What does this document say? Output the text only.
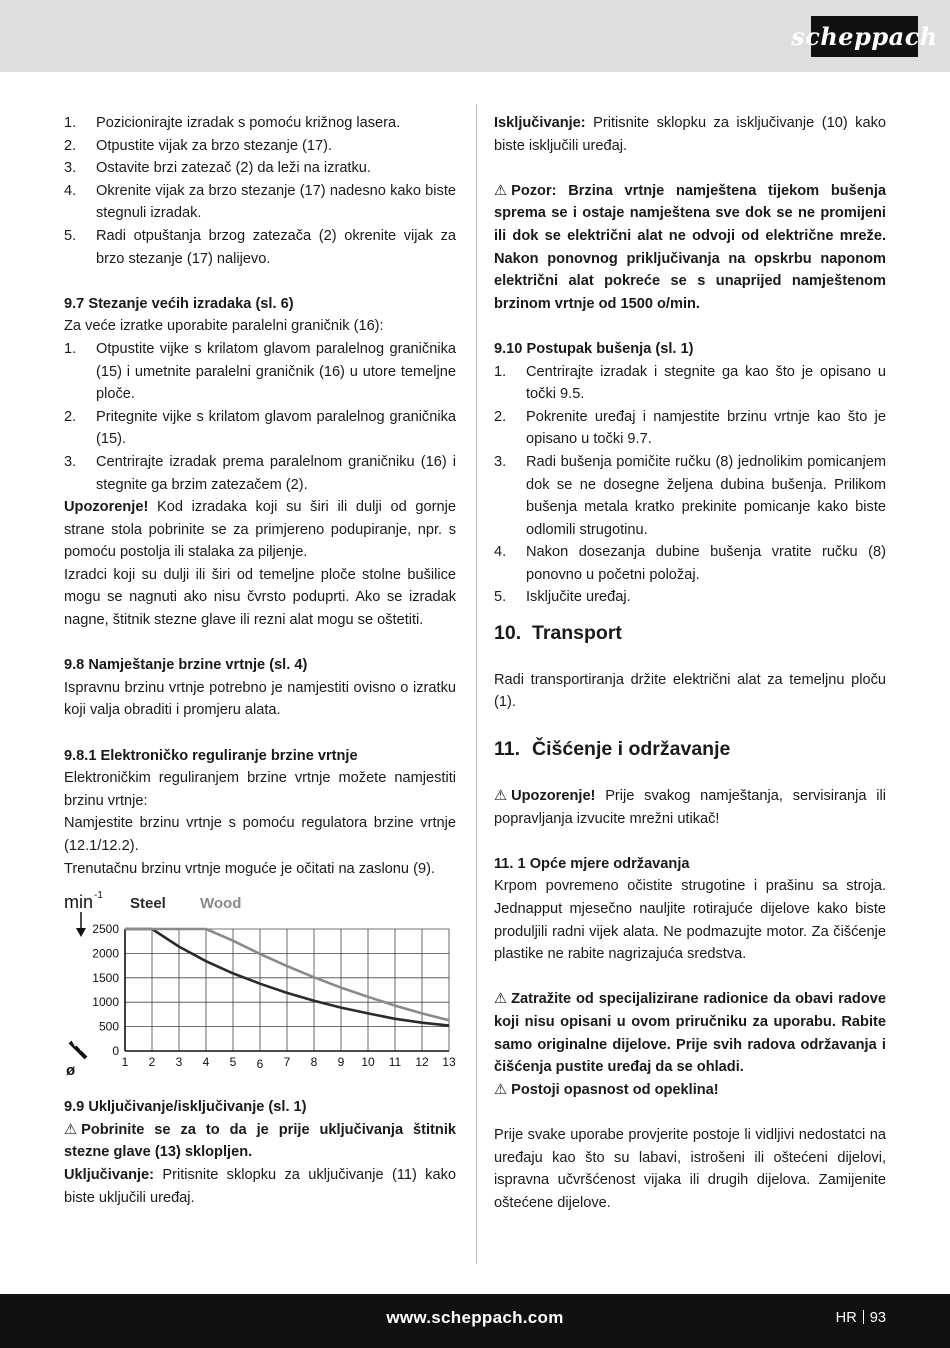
scheppach
1. Pozicionirajte izradak s pomoću križnog lasera.
2. Otpustite vijak za brzo stezanje (17).
3. Ostavite brzi zatezač (2) da leži na izratku.
4. Okrenite vijak za brzo stezanje (17) nadesno kako biste stegnuli izradak.
5. Radi otpuštanja brzog zatezača (2) okrenite vijak za brzo stezanje (17) nalijevo.

9.7 Stezanje većih izradaka (sl. 6)

Za veće izratke uporabite paralelni graničnik (16):

1. Otpustite vijke s krilatom glavom paralelnog graničnika (15) i umetnite paralelni graničnik (16) u utore temeljne ploče.
2. Pritegnite vijke s krilatom glavom paralelnog graničnika (15).
3. Centrirajte izradak prema paralelnom graničniku (16) i stegnite ga brzim zatezačem (2).

Upozorenje! Kod izradaka koji su širi ili dulji od gornje strane stola pobrinite se za primjereno podupiranje, npr. s pomoću postolja ili stalaka za piljenje.

Izradci koji su dulji ili širi od temeljne ploče stolne bušilice mogu se nagnuti ako nisu čvrsto poduprti. Ako se izradak nagne, štitnik stezne glave ili rezni alat mogu se oštetiti.

9.8 Namještanje brzine vrtnje (sl. 4)

Ispravnu brzinu vrtnje potrebno je namjestiti ovisno o izratku koji valja obraditi i promjeru alata.

9.8.1 Elektroničko reguliranje brzine vrtnje

Elektroničkim reguliranjem brzine vrtnje možete namjestiti brzinu vrtnje:

Namjestite brzinu vrtnje s pomoću regulatora brzine vrtnje (12.1/12.2).

Trenutačnu brzinu vrtnje moguće je očitati na zaslonu (9).

0
500
1000
1500
2000
2500
1 2 3 4 5 6 7 8 9 10 11 12 13
min -1
ø
Steel Wood

9.9 Uključivanje/isključivanje (sl. 1)

⚠ Pobrinite se za to da je prije uključivanja štitnik stezne glave (13) sklopljen.

Uključivanje: Pritisnite sklopku za uključivanje (11) kako biste uključili uređaj.

Isključivanje: Pritisnite sklopku za isključivanje (10) kako biste isključili uređaj.

⚠ Pozor: Brzina vrtnje namještena tijekom bušenja sprema se i ostaje namještena sve dok se ne promijeni ili dok se električni alat ne odvoji od električne mreže. Nakon ponovnog priključivanja na opskrbu naponom električni alat pokreće se s unaprijed namještenom brzinom vrtnje od 1500 o/min.

9.10 Postupak bušenja (sl. 1)

1. Centrirajte izradak i stegnite ga kao što je opisano u točki 9.5.
2. Pokrenite uređaj i namjestite brzinu vrtnje kao što je opisano u točki 9.7.
3. Radi bušenja pomičite ručku (8) jednolikim pomicanjem dok se ne dosegne željena dubina bušenja. Prilikom bušenja metala kratko prekinite pomicanje kako biste odlomili strugotinu.
4. Nakon dosezanja dubine bušenja vratite ručku (8) ponovno u početni položaj.
5. Isključite uređaj.

10. Transport

Radi transportiranja držite električni alat za temeljnu ploču (1).

11. Čišćenje i održavanje

⚠ Upozorenje! Prije svakog namještanja, servisiranja ili popravljanja izvucite mrežni utikač!

11. 1 Opće mjere održavanja

Krpom povremeno očistite strugotine i prašinu sa stroja. Jednapput mjesečno nauljite rotirajuće dijelove kako biste produljili radni vijek alata. Ne podmazujte motor. Za čišćenje plastike ne rabite nagrizajuća sredstva.

⚠ Zatražite od specijalizirane radionice da obavi radove koji nisu opisani u ovom priručniku za uporabu. Rabite samo originalne dijelove. Prije svih radova održavanja i čišćenja pustite uređaj da se ohladi.

⚠ Postoji opasnost od opeklina!

Prije svake uporabe provjerite postoje li vidljivi nedostatci na uređaju kao što su labavi, istrošeni ili oštećeni dijelovi, ispravna učvršćenost vijaka ili drugih dijelova. Zamijenite oštećene dijelove.

www.scheppach.com	HR 93
